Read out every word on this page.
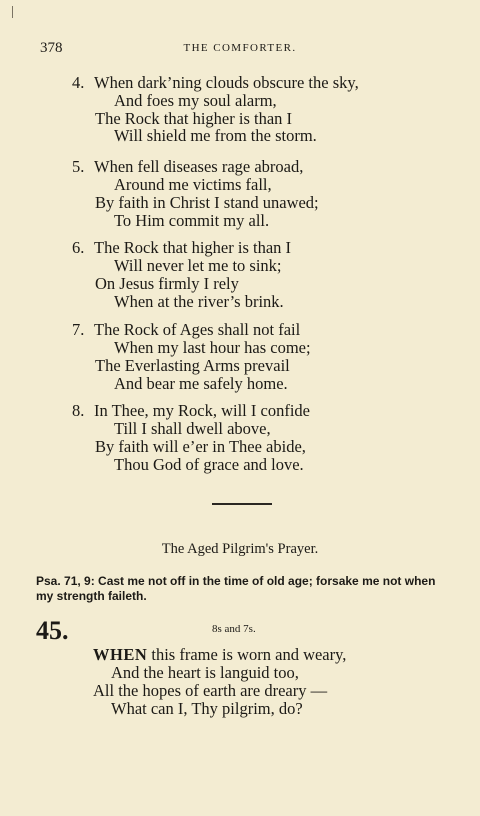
378	THE COMFORTER.
4. When dark’ning clouds obscure the sky,
And foes my soul alarm,
The Rock that higher is than I
Will shield me from the storm.
5. When fell diseases rage abroad,
Around me victims fall,
By faith in Christ I stand unawed;
To Him commit my all.
6. The Rock that higher is than I
Will never let me to sink;
On Jesus firmly I rely
When at the river’s brink.
7. The Rock of Ages shall not fail
When my last hour has come;
The Everlasting Arms prevail
And bear me safely home.
8. In Thee, my Rock, will I confide
Till I shall dwell above,
By faith will e’er in Thee abide,
Thou God of grace and love.
The Aged Pilgrim's Prayer.
Psa. 71, 9: Cast me not off in the time of old age; forsake me not when my strength faileth.
45.	8s and 7s.
WHEN this frame is worn and weary,
And the heart is languid too,
All the hopes of earth are dreary —
What can I, Thy pilgrim, do?
